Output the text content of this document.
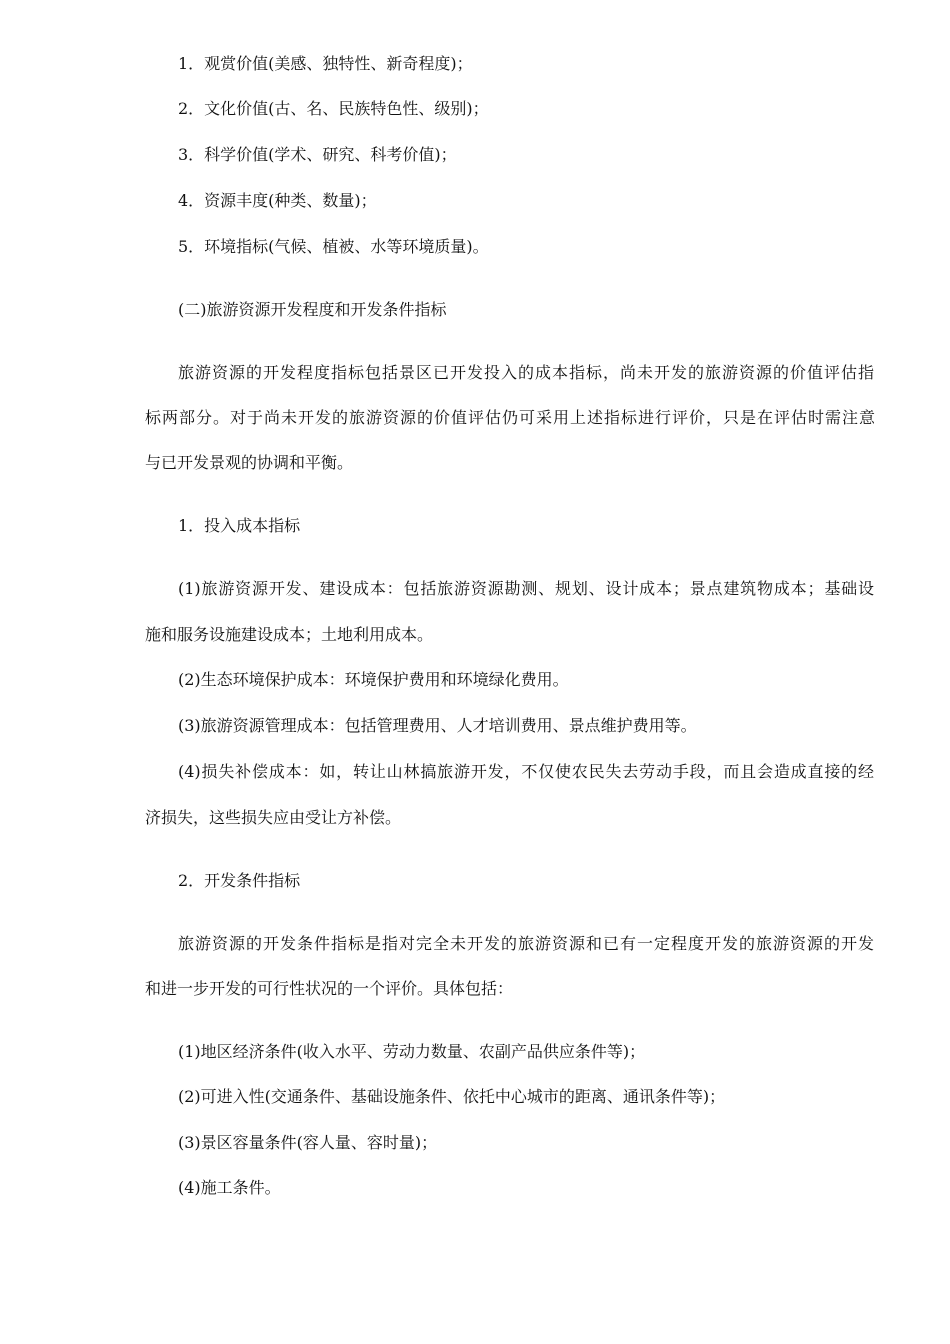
1．观赏价值(美感、独特性、新奇程度)；
2．文化价值(古、名、民族特色性、级别)；
3．科学价值(学术、研究、科考价值)；
4．资源丰度(种类、数量)；
5．环境指标(气候、植被、水等环境质量)。
(二)旅游资源开发程度和开发条件指标
旅游资源的开发程度指标包括景区已开发投入的成本指标，尚未开发的旅游资源的价值评估指
标两部分。对于尚未开发的旅游资源的价值评估仍可采用上述指标进行评价，只是在评估时需注意
与已开发景观的协调和平衡。
1．投入成本指标
(1)旅游资源开发、建设成本：包括旅游资源勘测、规划、设计成本；景点建筑物成本；基础设
施和服务设施建设成本；土地利用成本。
(2)生态环境保护成本：环境保护费用和环境绿化费用。
(3)旅游资源管理成本：包括管理费用、人才培训费用、景点维护费用等。
(4)损失补偿成本：如，转让山林搞旅游开发，不仅使农民失去劳动手段，而且会造成直接的经
济损失，这些损失应由受让方补偿。
2．开发条件指标
旅游资源的开发条件指标是指对完全未开发的旅游资源和已有一定程度开发的旅游资源的开发
和进一步开发的可行性状况的一个评价。具体包括：
(1)地区经济条件(收入水平、劳动力数量、农副产品供应条件等)；
(2)可进入性(交通条件、基础设施条件、依托中心城市的距离、通讯条件等)；
(3)景区容量条件(容人量、容时量)；
(4)施工条件。
